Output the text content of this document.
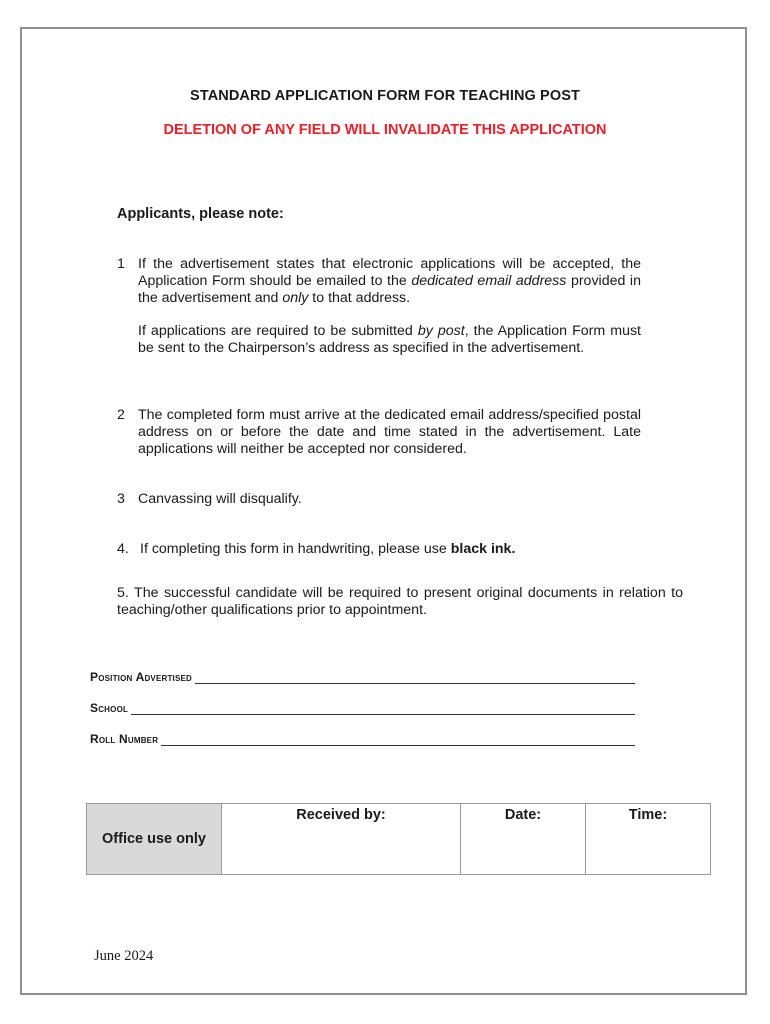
STANDARD APPLICATION FORM FOR TEACHING POST
DELETION OF ANY FIELD WILL INVALIDATE THIS APPLICATION
Applicants, please note:
1 If the advertisement states that electronic applications will be accepted, the Application Form should be emailed to the dedicated email address provided in the advertisement and only to that address.

If applications are required to be submitted by post, the Application Form must be sent to the Chairperson’s address as specified in the advertisement.

2 The completed form must arrive at the dedicated email address/specified postal address on or before the date and time stated in the advertisement. Late applications will neither be accepted nor considered.

3 Canvassing will disqualify.

4. If completing this form in handwriting, please use black ink.

5. The successful candidate will be required to present original documents in relation to teaching/other qualifications prior to appointment.

Position Advertised
School
Roll Number
Office use only	Received by:	Date:	Time:
June 2024
